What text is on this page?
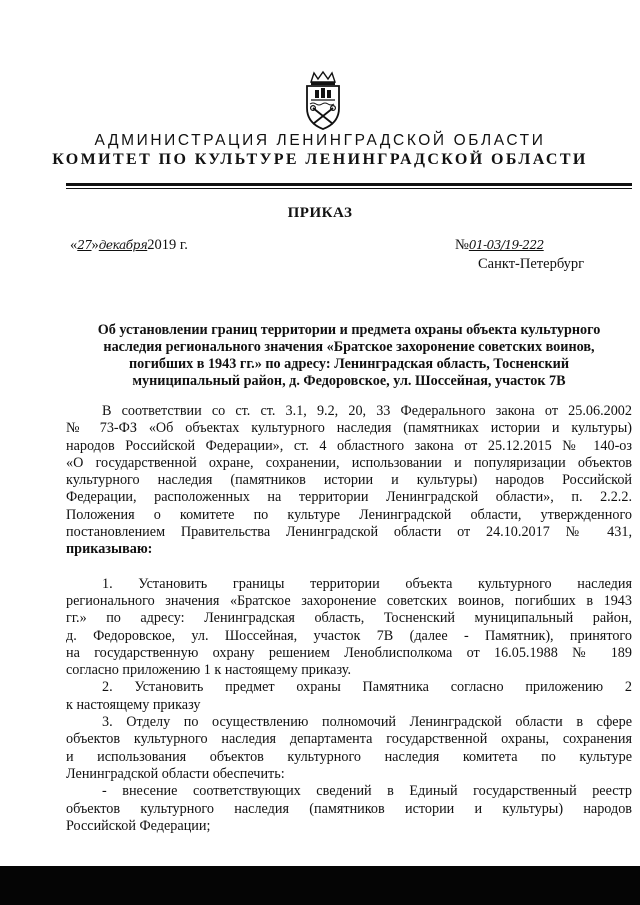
АДМИНИСТРАЦИЯ ЛЕНИНГРАДСКОЙ ОБЛАСТИ
КОМИТЕТ ПО КУЛЬТУРЕ ЛЕНИНГРАДСКОЙ ОБЛАСТИ
ПРИКАЗ
«27»декабря2019 г.	№01-03/19-222
Санкт-Петербург
Об установлении границ территории и предмета охраны объекта культурного
наследия регионального значения «Братское захоронение советских воинов,
погибших в 1943 гг.» по адресу: Ленинградская область, Тосненский
муниципальный район, д. Федоровское, ул. Шоссейная, участок 7В

В соответствии со ст. ст. 3.1, 9.2, 20, 33 Федерального закона от 25.06.2002

№ 73-ФЗ «Об объектах культурного наследия (памятниках истории и культуры)

народов Российской Федерации», ст. 4 областного закона от 25.12.2015 № 140-оз

«О государственной охране, сохранении, использовании и популяризации объектов

культурного наследия (памятников истории и культуры) народов Российской

Федерации, расположенных на территории Ленинградской области», п. 2.2.2.

Положения о комитете по культуре Ленинградской области, утвержденного

постановлением Правительства Ленинградской области от 24.10.2017 № 431,

приказываю:

1. Установить границы территории объекта культурного наследия

регионального значения «Братское захоронение советских воинов, погибших в 1943

гг.» по адресу: Ленинградская область, Тосненский муниципальный район,

д. Федоровское, ул. Шоссейная, участок 7В (далее - Памятник), принятого

на государственную охрану решением Леноблисполкома от 16.05.1988 № 189

согласно приложению 1 к настоящему приказу.

2. Установить предмет охраны Памятника согласно приложению 2

к настоящему приказу

3. Отделу по осуществлению полномочий Ленинградской области в сфере

объектов культурного наследия департамента государственной охраны, сохранения

и использования объектов культурного наследия комитета по культуре

Ленинградской области обеспечить:

- внесение соответствующих сведений в Единый государственный реестр

объектов культурного наследия (памятников истории и культуры) народов

Российской Федерации;
